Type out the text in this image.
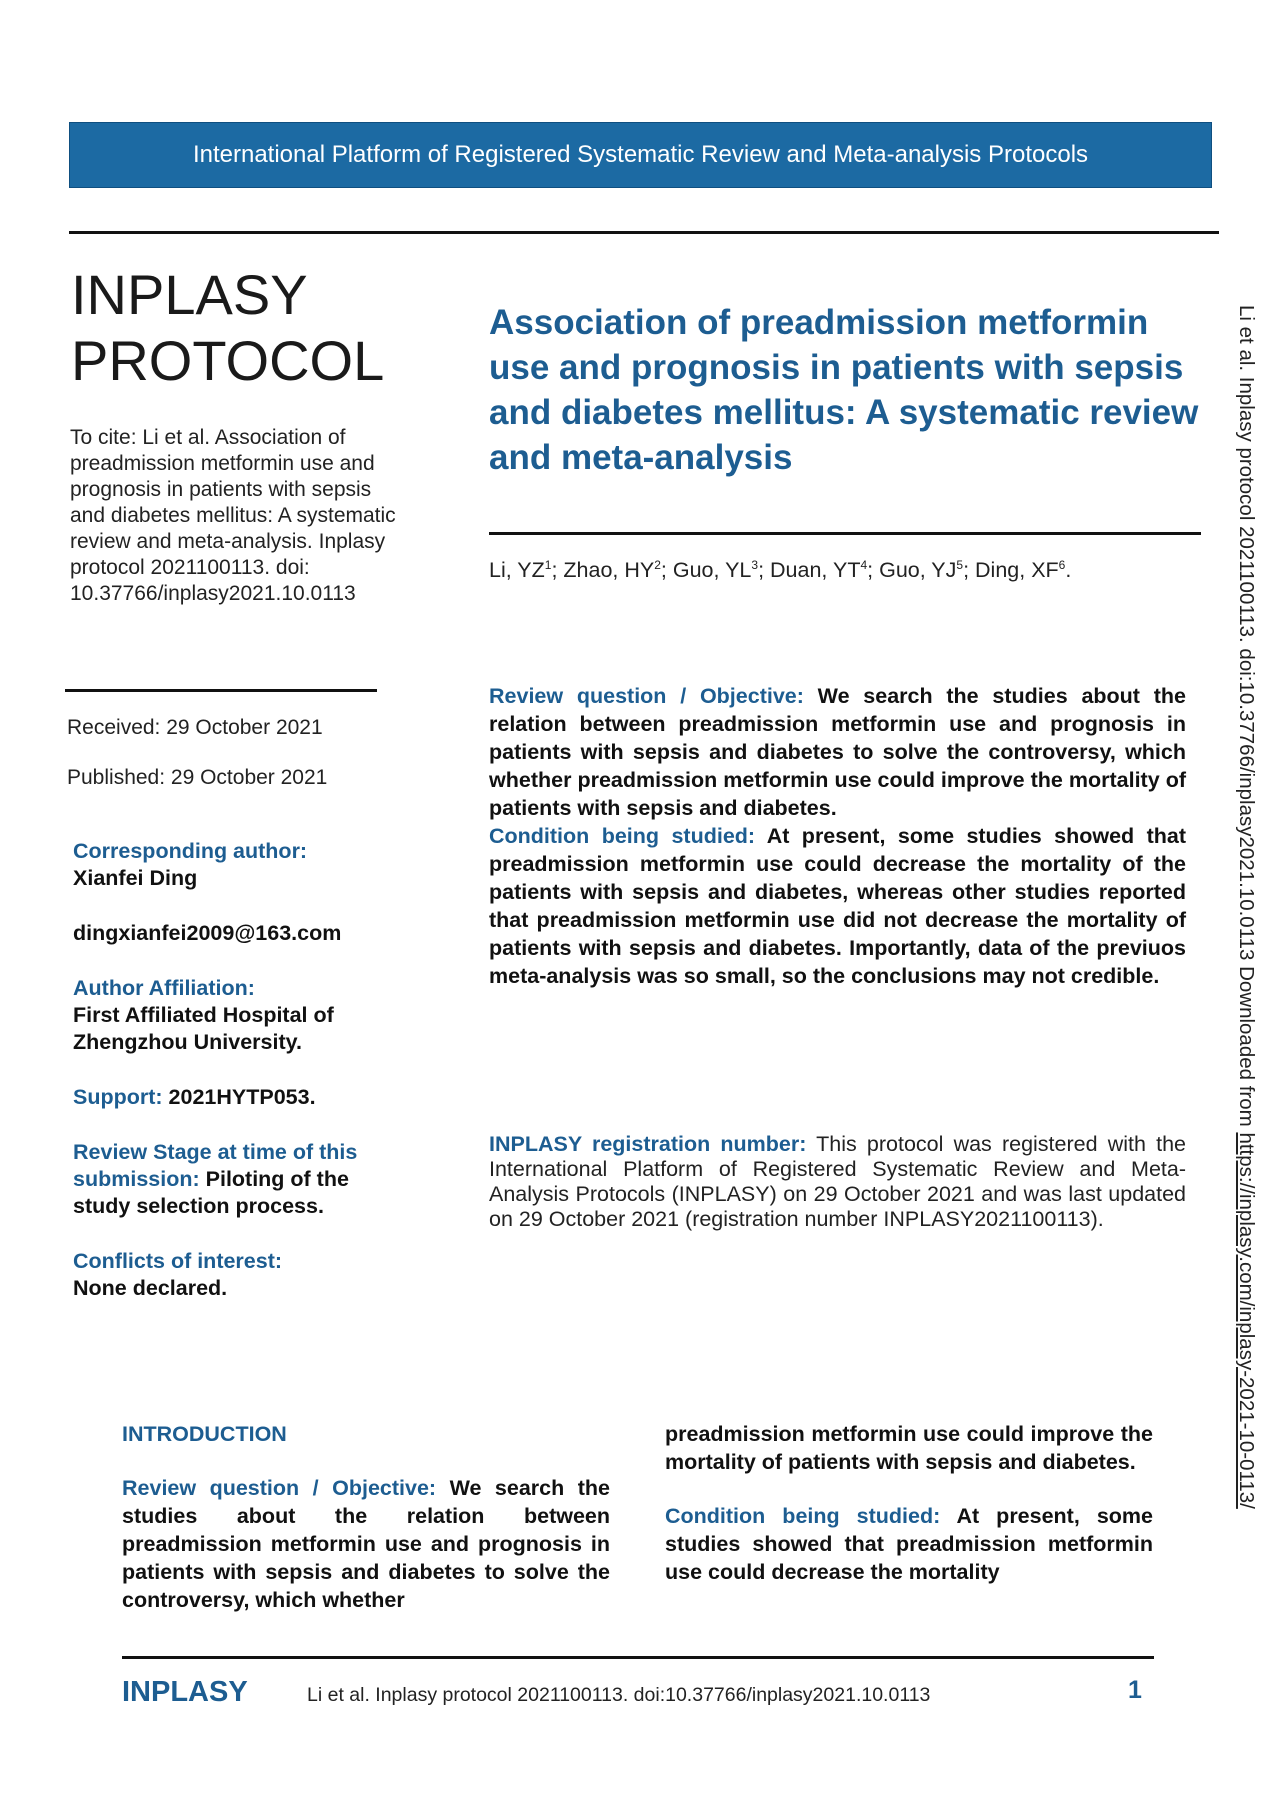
International Platform of Registered Systematic Review and Meta-analysis Protocols
INPLASY
PROTOCOL
To cite: Li et al. Association of preadmission metformin use and prognosis in patients with sepsis and diabetes mellitus: A systematic review and meta-analysis. Inplasy protocol 2021100113. doi: 10.37766/inplasy2021.10.0113
Received: 29 October 2021
Published: 29 October 2021

Corresponding author:

Xianfei Ding

dingxianfei2009@163.com

Author Affiliation:

First Affiliated Hospital of Zhengzhou University.

Support: 2021HYTP053.

Review Stage at time of this submission: Piloting of the study selection process.

Conflicts of interest:

None declared.

Association of preadmission metformin use and prognosis in patients with sepsis and diabetes mellitus: A systematic review and meta-analysis
Li, $YZ^1$; Zhao, $HY^2$; Guo, $YL^3$; Duan, $YT^4$; Guo, $YJ^5$; Ding, $XF^6$.

Review question / Objective: We search the studies about the relation between preadmission metformin use and prognosis in patients with sepsis and diabetes to solve the controversy, which whether preadmission metformin use could improve the mortality of patients with sepsis and diabetes.

Condition being studied: At present, some studies showed that preadmission metformin use could decrease the mortality of the patients with sepsis and diabetes, whereas other studies reported that preadmission metformin use did not decrease the mortality of patients with sepsis and diabetes. Importantly, data of the previuos meta-analysis was so small, so the conclusions may not credible.

INPLASY registration number: This protocol was registered with the International Platform of Registered Systematic Review and Meta-Analysis Protocols (INPLASY) on 29 October 2021 and was last updated on 29 October 2021 (registration number INPLASY2021100113).
Li et al. Inplasy protocol 2021100113. doi:10.37766/inplasy2021.10.0113 Downloaded from https://inplasy.com/inplasy-2021-10-0113/

INTRODUCTION

Review question / Objective: We search the studies about the relation between preadmission metformin use and prognosis in patients with sepsis and diabetes to solve the controversy, which whether

preadmission metformin use could improve the mortality of patients with sepsis and diabetes.

Condition being studied: At present, some studies showed that preadmission metformin use could decrease the mortality

INPLASY	Li et al. Inplasy protocol 2021100113. doi:10.37766/inplasy2021.10.0113	1
